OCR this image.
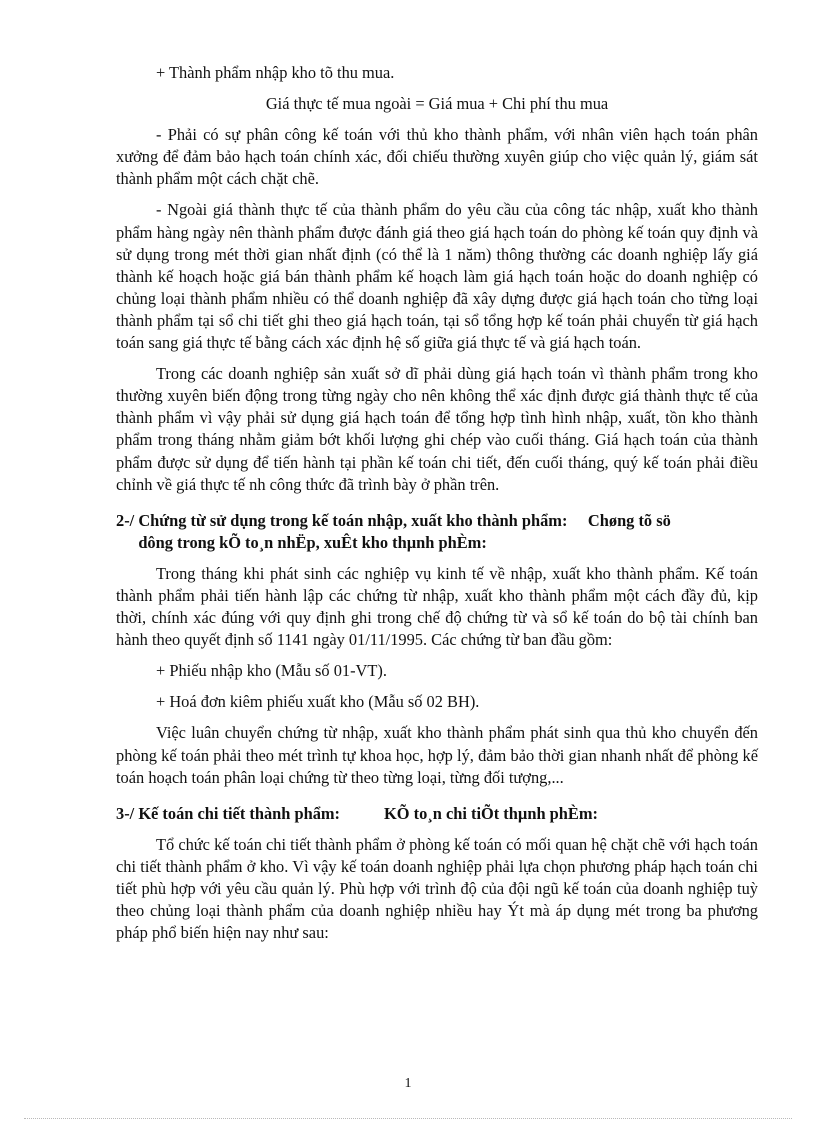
+ Thành phẩm nhập kho tõ thu mua.

Giá thực tế mua ngoài = Giá mua + Chi phí thu mua

- Phải có sự phân công kế toán với thủ kho thành phẩm, với nhân viên hạch toán phân xưởng để đảm bảo hạch toán chính xác, đối chiếu thường xuyên giúp cho việc quản lý, giám sát thành phẩm một cách chặt chẽ.

- Ngoài giá thành thực tế của thành phẩm do yêu cầu của công tác nhập, xuất kho thành phẩm hàng ngày nên thành phẩm được đánh giá theo giá hạch toán do phòng kế toán quy định và sử dụng trong mét thời gian nhất định (có thể là 1 năm) thông thường các doanh nghiệp lấy giá thành kế hoạch hoặc giá bán thành phẩm kế hoạch làm giá hạch toán hoặc do doanh nghiệp có chủng loại thành phẩm nhiều có thể doanh nghiệp đã xây dựng được giá hạch toán cho từng loại thành phẩm tại sổ chi tiết ghi theo giá hạch toán, tại sổ tổng hợp kế toán phải chuyển từ giá hạch toán sang giá thực tế bằng cách xác định hệ số giữa giá thực tế và giá hạch toán.

Trong các doanh nghiệp sản xuất sở dĩ phải dùng giá hạch toán vì thành phẩm trong kho thường xuyên biến động trong từng ngày cho nên không thể xác định được giá thành thực tế của thành phẩm vì vậy phải sử dụng giá hạch toán để tổng hợp tình hình nhập, xuất, tồn kho thành phẩm trong tháng nhằm giảm bớt khối lượng ghi chép vào cuối tháng. Giá hạch toán của thành phẩm được sử dụng để tiến hành tại phần kế toán chi tiết, đến cuối tháng, quý kế toán phải điều chỉnh về giá thực tế nh công thức đã trình bày ở phần trên.

2-/ Chứng từ sử dụng trong kế toán nhập, xuất kho thành phẩm: Chøng tõ sö
dông trong kÕ to¸n nhËp, xuÊt kho thµnh phÈm:

Trong tháng khi phát sinh các nghiệp vụ kinh tế về nhập, xuất kho thành phẩm. Kế toán thành phẩm phải tiến hành lập các chứng từ nhập, xuất kho thành phẩm một cách đầy đủ, kịp thời, chính xác đúng với quy định ghi trong chế độ chứng từ và sổ kế toán do bộ tài chính ban hành theo quyết định số 1141 ngày 01/11/1995. Các chứng từ ban đầu gồm:

+ Phiếu nhập kho (Mẫu số 01-VT).

+ Hoá đơn kiêm phiếu xuất kho (Mẫu số 02 BH).

Việc luân chuyển chứng từ nhập, xuất kho thành phẩm phát sinh qua thủ kho chuyển đến phòng kế toán phải theo mét trình tự khoa học, hợp lý, đảm bảo thời gian nhanh nhất để phòng kế toán hoạch toán phân loại chứng từ theo từng loại, từng đối tượng,...

3-/ Kế toán chi tiết thành phẩm:	KÕ to¸n chi tiÕt thµnh phÈm:

Tổ chức kế toán chi tiết thành phẩm ở phòng kế toán có mối quan hệ chặt chẽ với hạch toán chi tiết thành phẩm ở kho. Vì vậy kế toán doanh nghiệp phải lựa chọn phương pháp hạch toán chi tiết phù hợp với yêu cầu quản lý. Phù hợp với trình độ của đội ngũ kế toán của doanh nghiệp tuỳ theo chủng loại thành phẩm của doanh nghiệp nhiều hay Ýt mà áp dụng mét trong ba phương pháp phổ biến hiện nay như sau:

1
